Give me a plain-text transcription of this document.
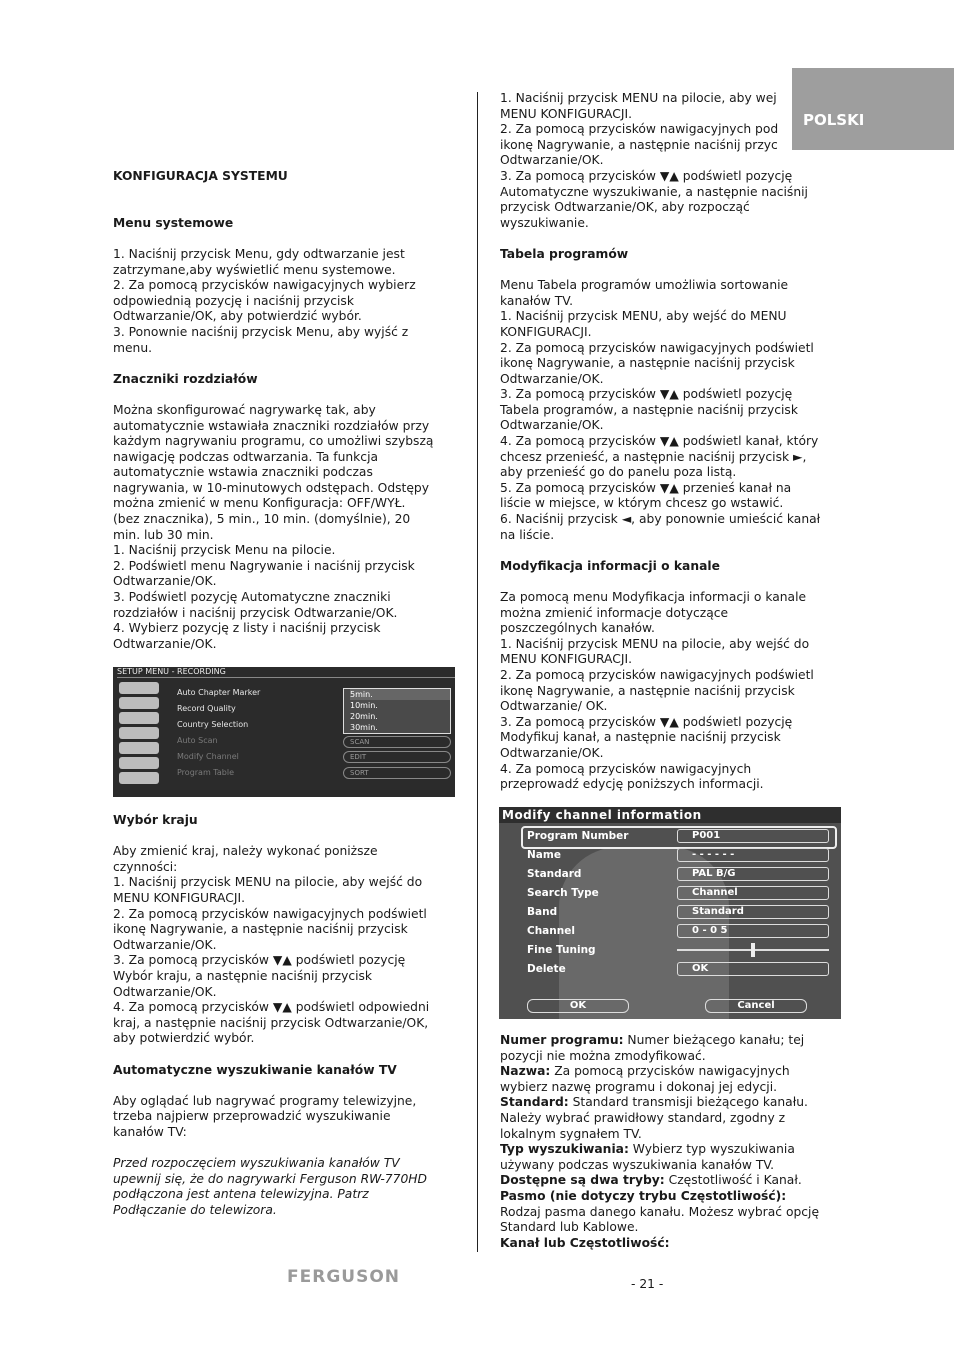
POLSKI

KONFIGURACJA SYSTEMU

Menu systemowe

1. Naciśnij przycisk Menu, gdy odtwarzanie jest

zatrzymane,aby wyświetlić menu systemowe.

2. Za pomocą przycisków nawigacyjnych wybierz

odpowiednią pozycję i naciśnij przycisk

Odtwarzanie/OK, aby potwierdzić wybór.

3. Ponownie naciśnij przycisk Menu, aby wyjść z

menu.

Znaczniki rozdziałów

Można skonfigurować nagrywarkę tak, aby

automatycznie wstawiała znaczniki rozdziałów przy

każdym nagrywaniu programu, co umożliwi szybszą

nawigację podczas odtwarzania. Ta funkcja

automatycznie wstawia znaczniki podczas

nagrywania, w 10-minutowych odstępach. Odstępy

można zmienić w menu Konfiguracja: OFF/WYŁ.

(bez znacznika), 5 min., 10 min. (domyślnie), 20

min. lub 30 min.

1. Naciśnij przycisk Menu na pilocie.

2. Podświetl menu Nagrywanie i naciśnij przycisk

Odtwarzanie/OK.

3. Podświetl pozycję Automatyczne znaczniki

rozdziałów i naciśnij przycisk Odtwarzanie/OK.

4. Wybierz pozycję z listy i naciśnij przycisk

Odtwarzanie/OK.

SETUP MENU - RECORDING
Auto Chapter Marker
Record Quality
Country Selection
Auto Scan
Modify Channel
Program Table
5min.
10min.
20min.
30min.
SCAN
EDIT
SORT

Wybór kraju

Aby zmienić kraj, należy wykonać poniższe

czynności:

1. Naciśnij przycisk MENU na pilocie, aby wejść do

MENU KONFIGURACJI.

2. Za pomocą przycisków nawigacyjnych podświetl

ikonę Nagrywanie, a następnie naciśnij przycisk

Odtwarzanie/OK.

3. Za pomocą przycisków ▼▲ podświetl pozycję

Wybór kraju, a następnie naciśnij przycisk

Odtwarzanie/OK.

4. Za pomocą przycisków ▼▲ podświetl odpowiedni

kraj, a następnie naciśnij przycisk Odtwarzanie/OK,

aby potwierdzić wybór.

Automatyczne wyszukiwanie kanałów TV

Aby oglądać lub nagrywać programy telewizyjne,

trzeba najpierw przeprowadzić wyszukiwanie

kanałów TV:

Przed rozpoczęciem wyszukiwania kanałów TV

upewnij się, że do nagrywarki Ferguson RW-770HD

podłączona jest antena telewizyjna. Patrz

Podłączanie do telewizora.

1. Naciśnij przycisk MENU na pilocie, aby wej

MENU KONFIGURACJI.

2. Za pomocą przycisków nawigacyjnych pod

ikonę Nagrywanie, a następnie naciśnij przyc

Odtwarzanie/OK.

3. Za pomocą przycisków ▼▲ podświetl pozycję

Automatyczne wyszukiwanie, a następnie naciśnij

przycisk Odtwarzanie/OK, aby rozpocząć

wyszukiwanie.

Tabela programów

Menu Tabela programów umożliwia sortowanie

kanałów TV.

1. Naciśnij przycisk MENU, aby wejść do MENU

KONFIGURACJI.

2. Za pomocą przycisków nawigacyjnych podświetl

ikonę Nagrywanie, a następnie naciśnij przycisk

Odtwarzanie/OK.

3. Za pomocą przycisków ▼▲ podświetl pozycję

Tabela programów, a następnie naciśnij przycisk

Odtwarzanie/OK.

4. Za pomocą przycisków ▼▲ podświetl kanał, który

chcesz przenieść, a następnie naciśnij przycisk ►,

aby przenieść go do panelu poza listą.

5. Za pomocą przycisków ▼▲ przenieś kanał na

liście w miejsce, w którym chcesz go wstawić.

6. Naciśnij przycisk ◄, aby ponownie umieścić kanał

na liście.

Modyfikacja informacji o kanale

Za pomocą menu Modyfikacja informacji o kanale

można zmienić informacje dotyczące

poszczególnych kanałów.

1. Naciśnij przycisk MENU na pilocie, aby wejść do

MENU KONFIGURACJI.

2. Za pomocą przycisków nawigacyjnych podświetl

ikonę Nagrywanie, a następnie naciśnij przycisk

Odtwarzanie/ OK.

3. Za pomocą przycisków ▼▲ podświetl pozycję

Modyfikuj kanał, a następnie naciśnij przycisk

Odtwarzanie/OK.

4. Za pomocą przycisków nawigacyjnych

przeprowadź edycję poniższych informacji.

Modify channel information
Program Number	P001
Name	- - - - - -
Standard	PAL B/G
Search Type	Channel
Band	Standard
Channel	0 - 0 5
Fine Tuning
Delete	OK
OK	Cancel

Numer programu: Numer bieżącego kanału; tej

pozycji nie można zmodyfikować.

Nazwa: Za pomocą przycisków nawigacyjnych

wybierz nazwę programu i dokonaj jej edycji.

Standard: Standard transmisji bieżącego kanału.

Należy wybrać prawidłowy standard, zgodny z

lokalnym sygnałem TV.

Typ wyszukiwania: Wybierz typ wyszukiwania

używany podczas wyszukiwania kanałów TV.

Dostępne są dwa tryby: Częstotliwość i Kanał.

Pasmo (nie dotyczy trybu Częstotliwość):

Rodzaj pasma danego kanału. Możesz wybrać opcję

Standard lub Kablowe.

Kanał lub Częstotliwość:

FERGUSON	- 21 -
